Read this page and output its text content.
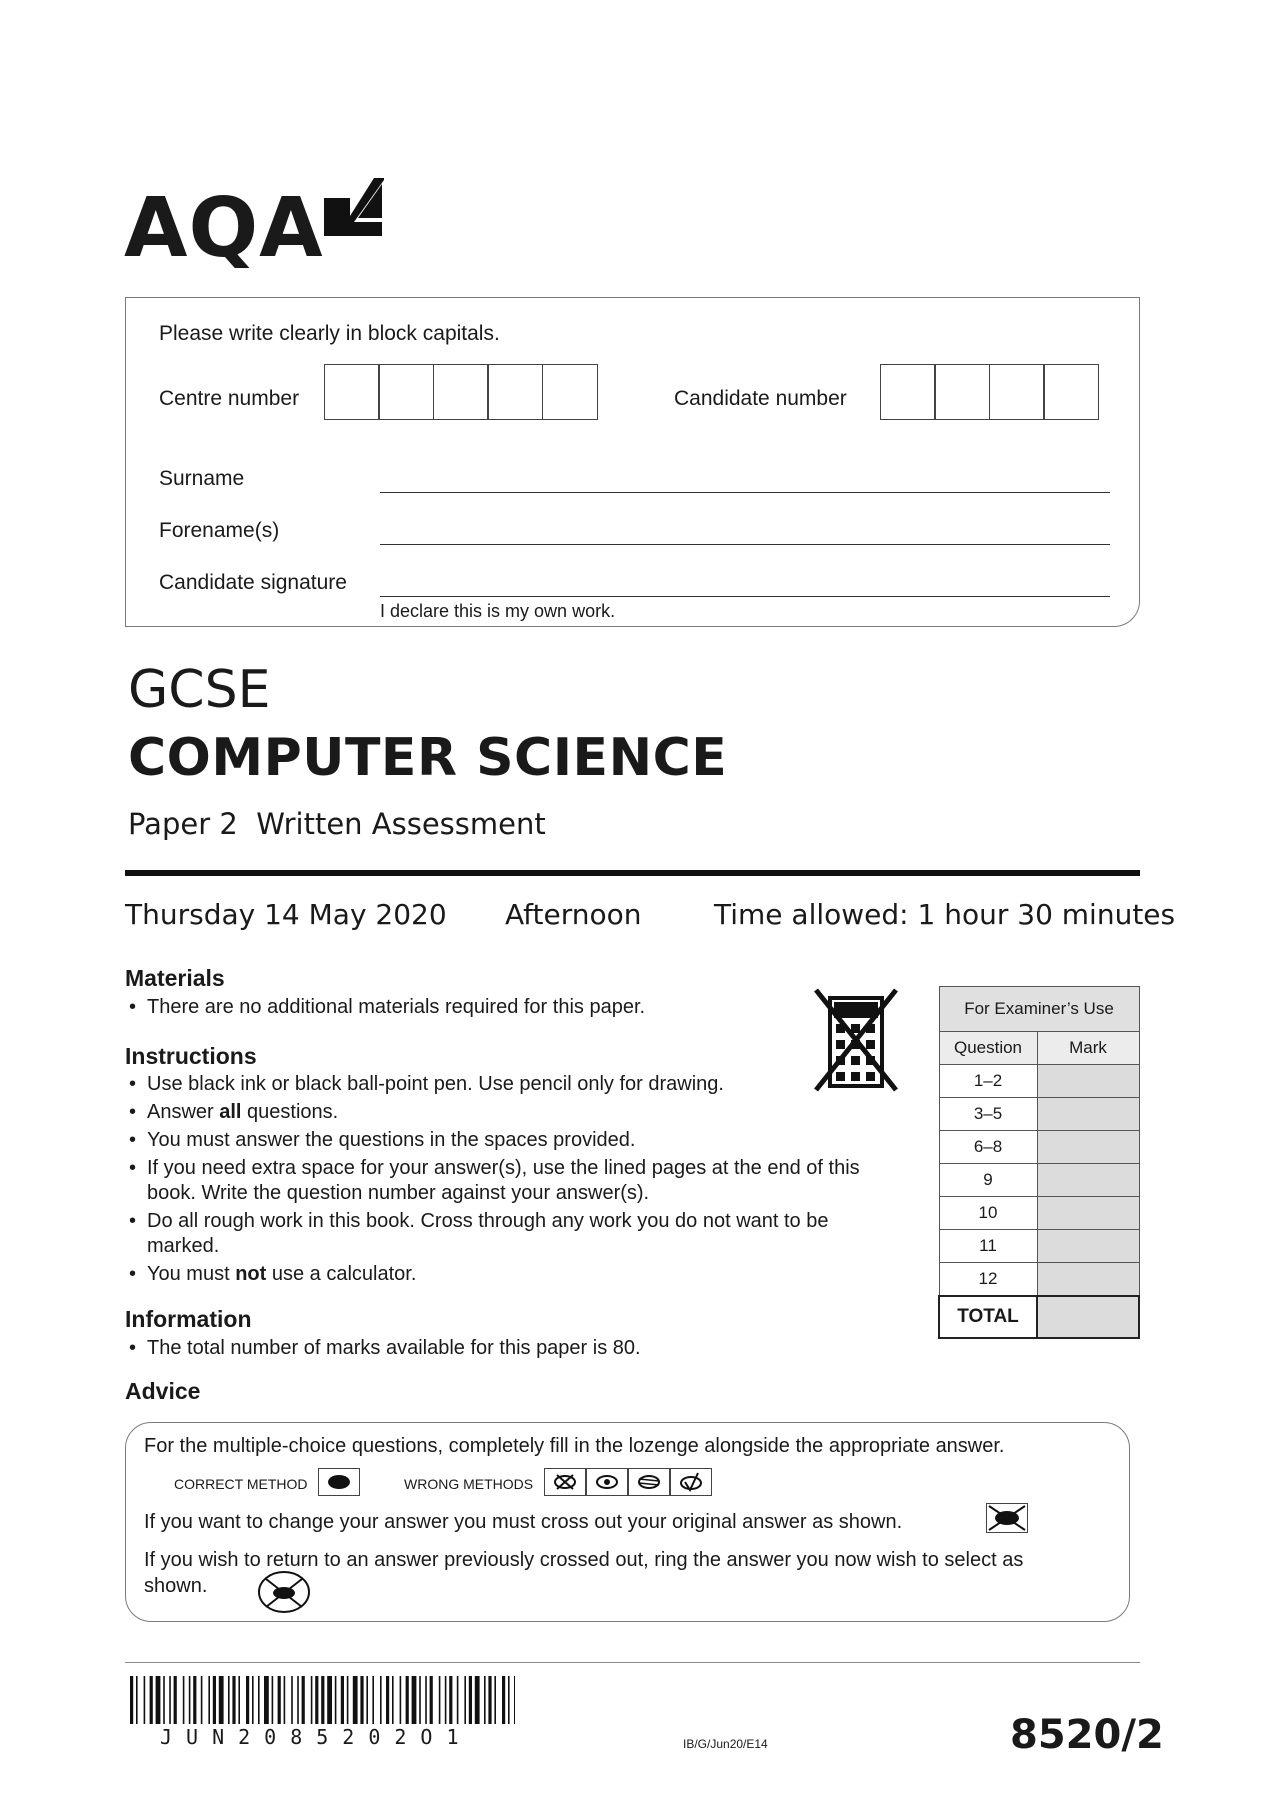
AQA
Please write clearly in block capitals.
Centre number	Candidate number
Surname
Forename(s)
Candidate signature
I declare this is my own work.
GCSE
COMPUTER SCIENCE
Paper 2  Written Assessment
Thursday 14 May 2020 Afternoon	Time allowed: 1 hour 30 minutes
Materials
• There are no additional materials required for this paper.
Instructions
• Use black ink or black ball-point pen. Use pencil only for drawing.
• Answer all questions.
• You must answer the questions in the spaces provided.
• If you need extra space for your answer(s), use the lined pages at the end of this book. Write the question number against your answer(s).
• Do all rough work in this book. Cross through any work you do not want to be marked.
• You must not use a calculator.
Information
• The total number of marks available for this paper is 80.
For Examiner’s Use	
Question	Mark
1–2	
3–5	
6–8	
9	
10	
11	
12	
TOTAL	
Advice
For the multiple-choice questions, completely fill in the lozenge alongside the appropriate answer.
CORRECT METHOD	WRONG METHODS
If you want to change your answer you must cross out your original answer as shown.
If you wish to return to an answer previously crossed out, ring the answer you now wish to select as
shown.
JUN2085202O1	IB/G/Jun20/E14	8520/2
